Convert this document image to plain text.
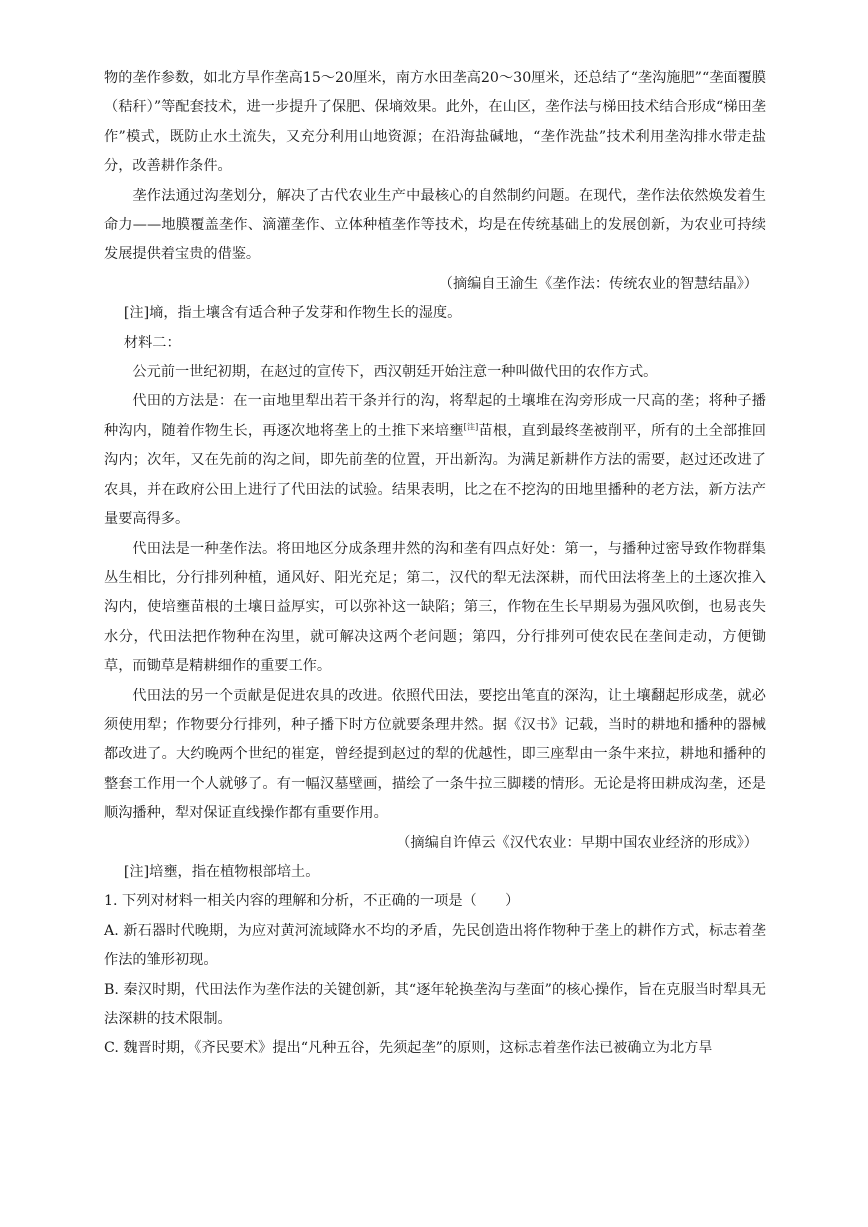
物的垄作参数，如北方旱作垄高15～20厘米，南方水田垄高20～30厘米，还总结了“垄沟施肥”“垄面覆膜（秸秆）”等配套技术，进一步提升了保肥、保墒效果。此外，在山区，垄作法与梯田技术结合形成“梯田垄作”模式，既防止水土流失，又充分利用山地资源；在沿海盐碱地，“垄作洗盐”技术利用垄沟排水带走盐分，改善耕作条件。

垄作法通过沟垄划分，解决了古代农业生产中最核心的自然制约问题。在现代，垄作法依然焕发着生命力——地膜覆盖垄作、滴灌垄作、立体种植垄作等技术，均是在传统基础上的发展创新，为农业可持续发展提供着宝贵的借鉴。

（摘编自王渝生《垄作法：传统农业的智慧结晶》）

[注]墒，指土壤含有适合种子发芽和作物生长的湿度。

材料二：

公元前一世纪初期，在赵过的宣传下，西汉朝廷开始注意一种叫做代田的农作方式。

代田的方法是：在一亩地里犁出若干条并行的沟，将犁起的土壤堆在沟旁形成一尺高的垄；将种子播种沟内，随着作物生长，再逐次地将垄上的土推下来培壅[注]苗根，直到最终垄被削平，所有的土全部推回沟内；次年，又在先前的沟之间，即先前垄的位置，开出新沟。为满足新耕作方法的需要，赵过还改进了农具，并在政府公田上进行了代田法的试验。结果表明，比之在不挖沟的田地里播种的老方法，新方法产量要高得多。

代田法是一种垄作法。将田地区分成条理井然的沟和垄有四点好处：第一，与播种过密导致作物群集丛生相比，分行排列种植，通风好、阳光充足；第二，汉代的犁无法深耕，而代田法将垄上的土逐次推入沟内，使培壅苗根的土壤日益厚实，可以弥补这一缺陷；第三，作物在生长早期易为强风吹倒，也易丧失水分，代田法把作物种在沟里，就可解决这两个老问题；第四，分行排列可使农民在垄间走动，方便锄草，而锄草是精耕细作的重要工作。

代田法的另一个贡献是促进农具的改进。依照代田法，要挖出笔直的深沟，让土壤翻起形成垄，就必须使用犁；作物要分行排列，种子播下时方位就要条理井然。据《汉书》记载，当时的耕地和播种的器械都改进了。大约晚两个世纪的崔寔，曾经提到赵过的犁的优越性，即三座犁由一条牛来拉，耕地和播种的整套工作用一个人就够了。有一幅汉墓壁画，描绘了一条牛拉三脚耧的情形。无论是将田耕成沟垄，还是顺沟播种，犁对保证直线操作都有重要作用。

（摘编自许倬云《汉代农业：早期中国农业经济的形成》）

[注]培壅，指在植物根部培土。

1. 下列对材料一相关内容的理解和分析，不正确的一项是（　　）

A. 新石器时代晚期，为应对黄河流域降水不均的矛盾，先民创造出将作物种于垄上的耕作方式，标志着垄作法的雏形初现。

B. 秦汉时期，代田法作为垄作法的关键创新，其“逐年轮换垄沟与垄面”的核心操作，旨在克服当时犁具无法深耕的技术限制。

C. 魏晋时期，《齐民要术》提出“凡种五谷，先须起垄”的原则，这标志着垄作法已被确立为北方旱
